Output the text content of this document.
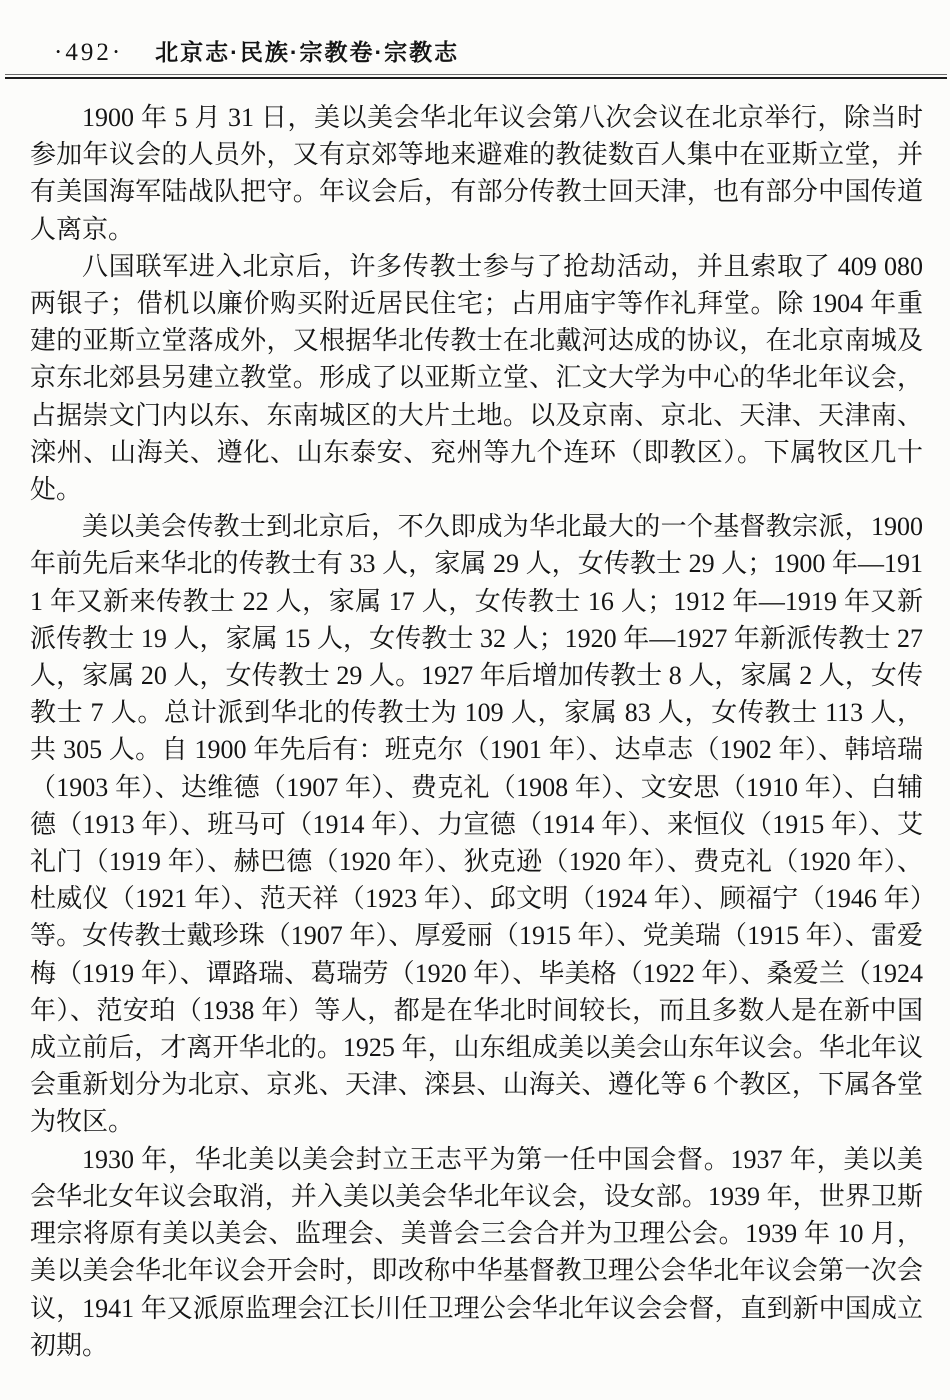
·492· 北京志·民族·宗教卷·宗教志

1900 年 5 月 31 日，美以美会华北年议会第八次会议在北京举行，除当时参加年议会的人员外，又有京郊等地来避难的教徒数百人集中在亚斯立堂，并有美国海军陆战队把守。年议会后，有部分传教士回天津，也有部分中国传道人离京。

八国联军进入北京后，许多传教士参与了抢劫活动，并且索取了 409 080 两银子；借机以廉价购买附近居民住宅；占用庙宇等作礼拜堂。除 1904 年重建的亚斯立堂落成外，又根据华北传教士在北戴河达成的协议，在北京南城及京东北郊县另建立教堂。形成了以亚斯立堂、汇文大学为中心的华北年议会，占据崇文门内以东、东南城区的大片土地。以及京南、京北、天津、天津南、滦州、山海关、遵化、山东泰安、兖州等九个连环（即教区）。下属牧区几十处。

美以美会传教士到北京后，不久即成为华北最大的一个基督教宗派，1900 年前先后来华北的传教士有 33 人，家属 29 人，女传教士 29 人；1900 年—1911 年又新来传教士 22 人，家属 17 人，女传教士 16 人；1912 年—1919 年又新派传教士 19 人，家属 15 人，女传教士 32 人；1920 年—1927 年新派传教士 27 人，家属 20 人，女传教士 29 人。1927 年后增加传教士 8 人，家属 2 人，女传教士 7 人。总计派到华北的传教士为 109 人，家属 83 人，女传教士 113 人，共 305 人。自 1900 年先后有：班克尔（1901 年）、达卓志（1902 年）、韩培瑞（1903 年）、达维德（1907 年）、费克礼（1908 年）、文安思（1910 年）、白辅德（1913 年）、班马可（1914 年）、力宣德（1914 年）、来恒仪（1915 年）、艾礼门（1919 年）、赫巴德（1920 年）、狄克逊（1920 年）、费克礼（1920 年）、杜威仪（1921 年）、范天祥（1923 年）、邱文明（1924 年）、顾福宁（1946 年）等。女传教士戴珍珠（1907 年）、厚爱丽（1915 年）、党美瑞（1915 年）、雷爱梅（1919 年）、谭路瑞、葛瑞劳（1920 年）、毕美格（1922 年）、桑爱兰（1924 年）、范安珀（1938 年）等人，都是在华北时间较长，而且多数人是在新中国成立前后，才离开华北的。1925 年，山东组成美以美会山东年议会。华北年议会重新划分为北京、京兆、天津、滦县、山海关、遵化等 6 个教区，下属各堂为牧区。

1930 年，华北美以美会封立王志平为第一任中国会督。1937 年，美以美会华北女年议会取消，并入美以美会华北年议会，设女部。1939 年，世界卫斯理宗将原有美以美会、监理会、美普会三会合并为卫理公会。1939 年 10 月，美以美会华北年议会开会时，即改称中华基督教卫理公会华北年议会第一次会议，1941 年又派原监理会江长川任卫理公会华北年议会会督，直到新中国成立初期。
